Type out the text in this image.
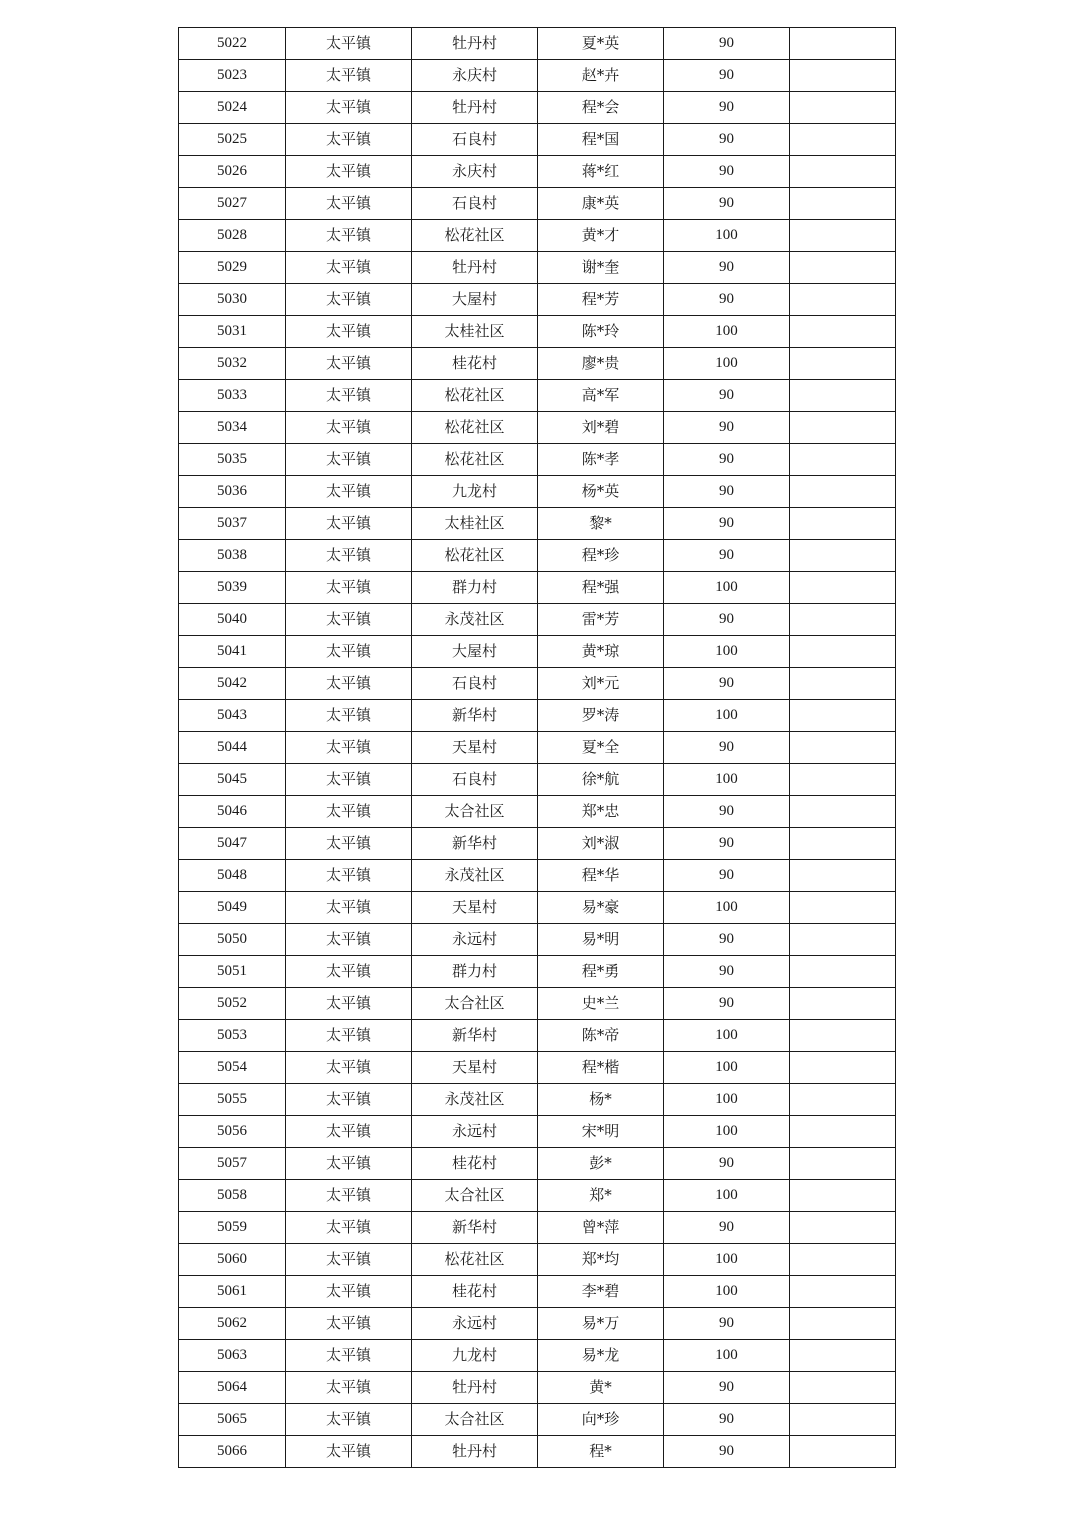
5022	太平镇	牡丹村	夏*英	90	
5023	太平镇	永庆村	赵*卉	90	
5024	太平镇	牡丹村	程*会	90	
5025	太平镇	石良村	程*国	90	
5026	太平镇	永庆村	蒋*红	90	
5027	太平镇	石良村	康*英	90	
5028	太平镇	松花社区	黄*才	100	
5029	太平镇	牡丹村	谢*奎	90	
5030	太平镇	大屋村	程*芳	90	
5031	太平镇	太桂社区	陈*玲	100	
5032	太平镇	桂花村	廖*贵	100	
5033	太平镇	松花社区	高*军	90	
5034	太平镇	松花社区	刘*碧	90	
5035	太平镇	松花社区	陈*孝	90	
5036	太平镇	九龙村	杨*英	90	
5037	太平镇	太桂社区	黎*	90	
5038	太平镇	松花社区	程*珍	90	
5039	太平镇	群力村	程*强	100	
5040	太平镇	永茂社区	雷*芳	90	
5041	太平镇	大屋村	黄*琼	100	
5042	太平镇	石良村	刘*元	90	
5043	太平镇	新华村	罗*涛	100	
5044	太平镇	天星村	夏*全	90	
5045	太平镇	石良村	徐*航	100	
5046	太平镇	太合社区	郑*忠	90	
5047	太平镇	新华村	刘*淑	90	
5048	太平镇	永茂社区	程*华	90	
5049	太平镇	天星村	易*豪	100	
5050	太平镇	永远村	易*明	90	
5051	太平镇	群力村	程*勇	90	
5052	太平镇	太合社区	史*兰	90	
5053	太平镇	新华村	陈*帝	100	
5054	太平镇	天星村	程*楷	100	
5055	太平镇	永茂社区	杨*	100	
5056	太平镇	永远村	宋*明	100	
5057	太平镇	桂花村	彭*	90	
5058	太平镇	太合社区	郑*	100	
5059	太平镇	新华村	曾*萍	90	
5060	太平镇	松花社区	郑*均	100	
5061	太平镇	桂花村	李*碧	100	
5062	太平镇	永远村	易*万	90	
5063	太平镇	九龙村	易*龙	100	
5064	太平镇	牡丹村	黄*	90	
5065	太平镇	太合社区	向*珍	90	
5066	太平镇	牡丹村	程*	90	
